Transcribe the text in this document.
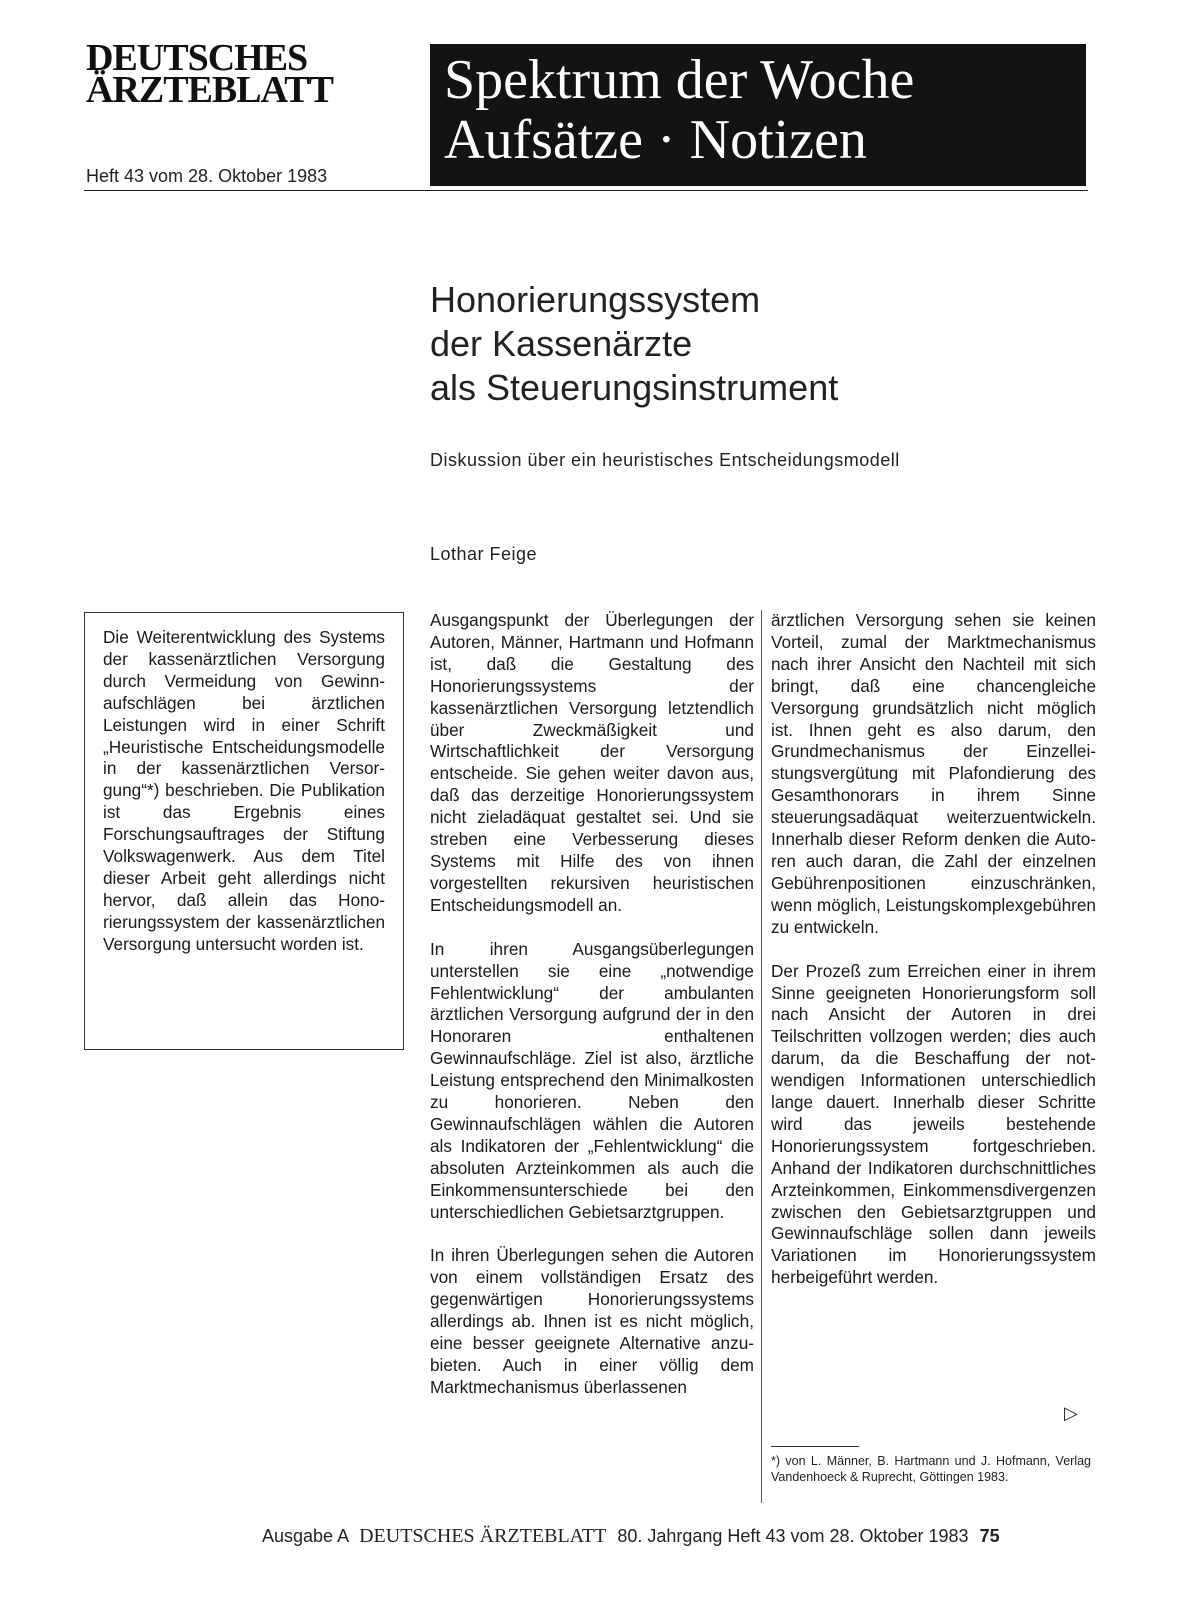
DEUTSCHES
ÄRZTEBLATT
Heft 43 vom 28. Oktober 1983
Spektrum der Woche
Aufsätze · Notizen
Honorierungssystem
der Kassenärzte
als Steuerungsinstrument
Diskussion über ein heuristisches Entscheidungsmodell
Lothar Feige

Die Weiterentwicklung des Systems der kassenärztlichen Versorgung durch Vermeidung von Gewinnaufschlägen bei ärztlichen Leistungen wird in einer Schrift „Heuristische Entscheidungsmodelle in der kassenärztlichen Versorgung“*) beschrieben. Die Publikation ist das Ergebnis eines Forschungsauftrages der Stiftung Volkswagenwerk. Aus dem Titel dieser Arbeit geht allerdings nicht hervor, daß allein das Honorierungssystem der kassenärztlichen Versorgung untersucht worden ist.

Ausgangspunkt der Überlegungen der Autoren, Männer, Hartmann und Hofmann ist, daß die Gestaltung des Honorierungssystems der kassenärztlichen Versorgung letztendlich über Zweckmäßigkeit und Wirtschaftlichkeit der Versorgung entscheide. Sie gehen weiter davon aus, daß das derzeitige Honorierungssystem nicht zieladäquat gestaltet sei. Und sie streben eine Verbesserung dieses Systems mit Hilfe des von ihnen vorgestellten rekursiven heuristischen Entscheidungsmodell an.

In ihren Ausgangsüberlegungen unterstellen sie eine „notwendige Fehlentwicklung“ der ambulanten ärztlichen Versorgung aufgrund der in den Honoraren enthaltenen Gewinnaufschläge. Ziel ist also, ärztliche Leistung entsprechend den Minimalkosten zu honorieren. Neben den Gewinnaufschlägen wählen die Autoren als Indikatoren der „Fehlentwicklung“ die absoluten Arzteinkommen als auch die Einkommensunterschiede bei den unterschiedlichen Gebietsarztgruppen.

In ihren Überlegungen sehen die Autoren von einem vollständigen Ersatz des gegenwärtigen Honorierungssystems allerdings ab. Ihnen ist es nicht möglich, eine besser geeignete Alternative anzubieten. Auch in einer völlig dem Marktmechanismus überlassenen

ärztlichen Versorgung sehen sie keinen Vorteil, zumal der Marktmechanismus nach ihrer Ansicht den Nachteil mit sich bringt, daß eine chancengleiche Versorgung grundsätzlich nicht möglich ist. Ihnen geht es also darum, den Grundmechanismus der Einzelleistungsvergütung mit Plafondierung des Gesamthonorars in ihrem Sinne steuerungsadäquat weiterzuentwickeln. Innerhalb dieser Reform denken die Autoren auch daran, die Zahl der einzelnen Gebührenpositionen einzuschränken, wenn möglich, Leistungskomplexgebühren zu entwickeln.

Der Prozeß zum Erreichen einer in ihrem Sinne geeigneten Honorierungsform soll nach Ansicht der Autoren in drei Teilschritten vollzogen werden; dies auch darum, da die Beschaffung der notwendigen Informationen unterschiedlich lange dauert. Innerhalb dieser Schritte wird das jeweils bestehende Honorierungssystem fortgeschrieben. Anhand der Indikatoren durchschnittliches Arzteinkommen, Einkommensdivergenzen zwischen den Gebietsarztgruppen und Gewinnaufschläge sollen dann jeweils Variationen im Honorierungssystem herbeigeführt werden.

▷
*) von L. Männer, B. Hartmann und J. Hofmann, Verlag Vandenhoeck & Ruprecht, Göttingen 1983.
Ausgabe A DEUTSCHES ÄRZTEBLATT 80. Jahrgang Heft 43 vom 28. Oktober 1983 75
